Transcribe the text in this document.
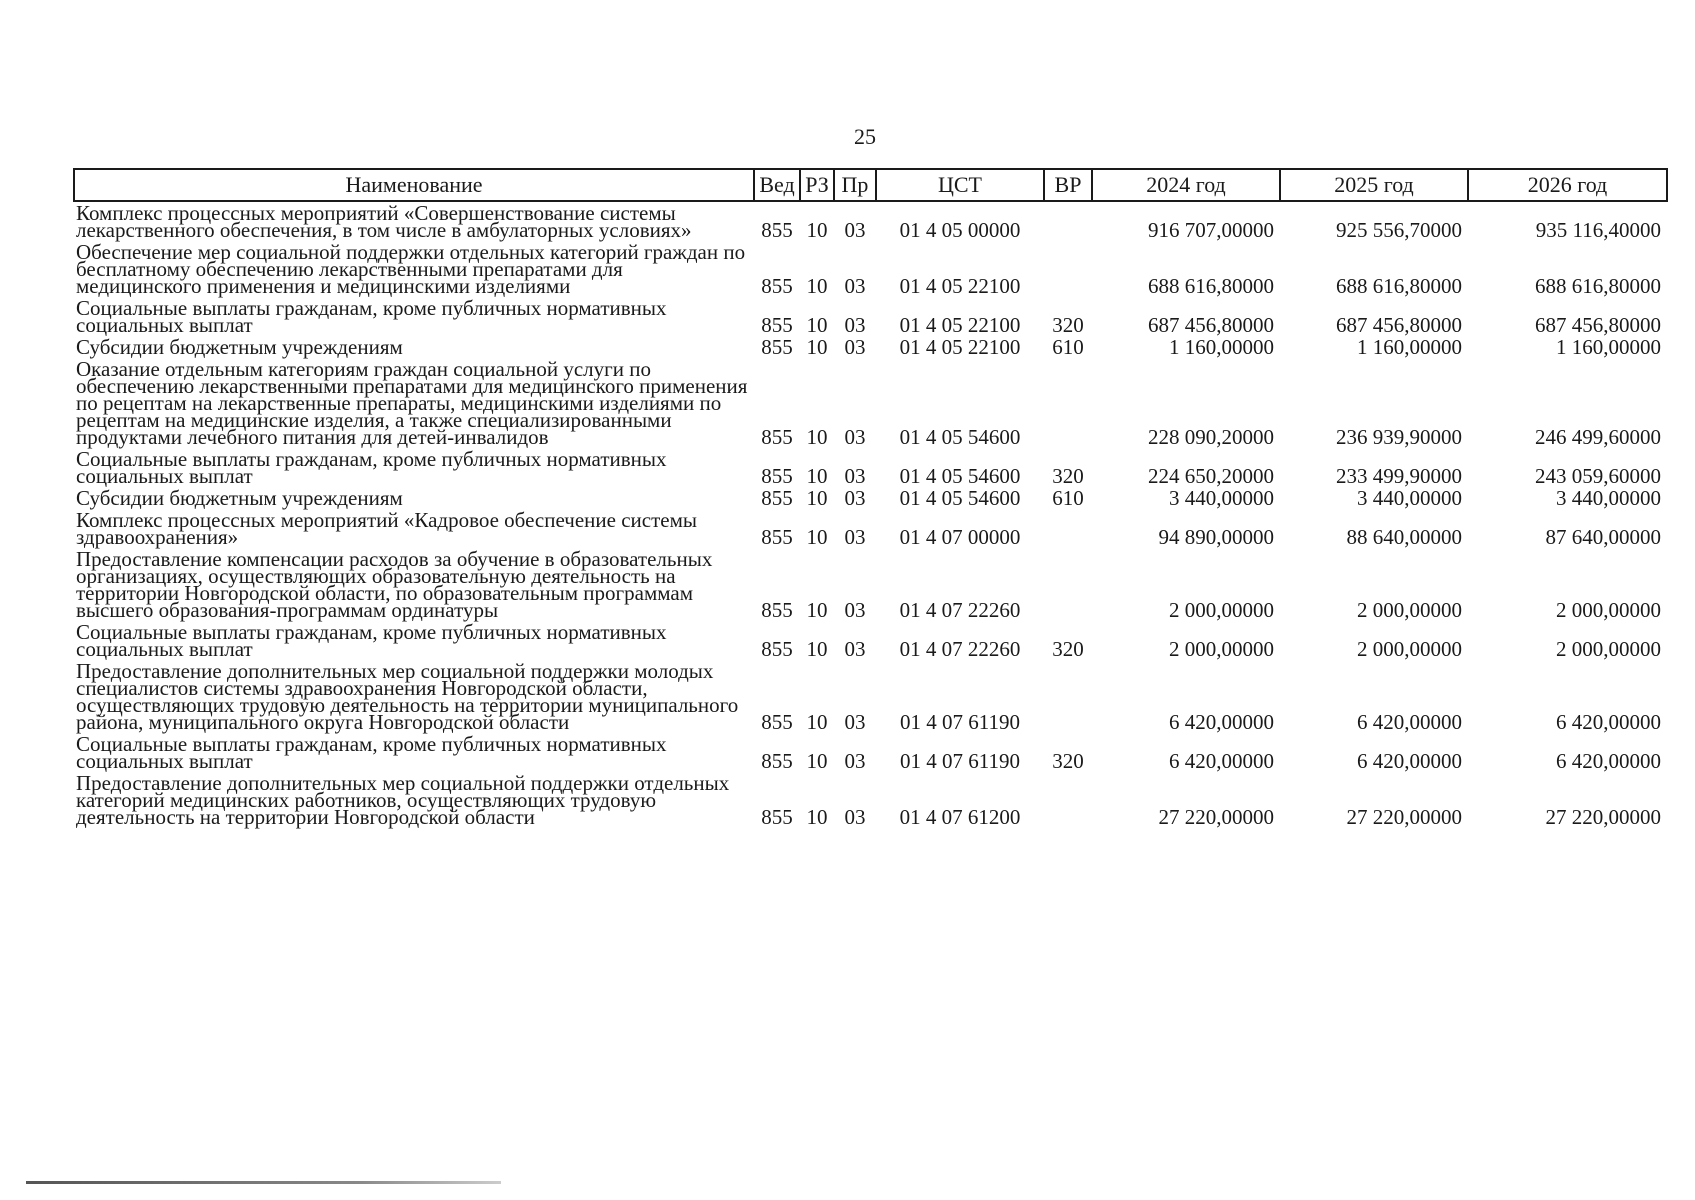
25
Наименование	Вед	РЗ	Пр	ЦСТ	ВР	2024 год	2025 год	2026 год
Комплекс процессных мероприятий «Совершенствование системы лекарственного обеспечения, в том числе в амбулаторных условиях»	855	10	03	01 4 05 00000		916 707,00000	925 556,70000	935 116,40000
Обеспечение мер социальной поддержки отдельных категорий граждан по бесплатному обеспечению лекарственными препаратами для медицинского применения и медицинскими изделиями	855	10	03	01 4 05 22100		688 616,80000	688 616,80000	688 616,80000
Социальные выплаты гражданам, кроме публичных нормативных социальных выплат	855	10	03	01 4 05 22100	320	687 456,80000	687 456,80000	687 456,80000
Субсидии бюджетным учреждениям	855	10	03	01 4 05 22100	610	1 160,00000	1 160,00000	1 160,00000
Оказание отдельным категориям граждан социальной услуги по обеспечению лекарственными препаратами для медицинского применения по рецептам на лекарственные препараты, медицинскими изделиями по рецептам на медицинские изделия, а также специализированными продуктами лечебного питания для детей-инвалидов	855	10	03	01 4 05 54600		228 090,20000	236 939,90000	246 499,60000
Социальные выплаты гражданам, кроме публичных нормативных социальных выплат	855	10	03	01 4 05 54600	320	224 650,20000	233 499,90000	243 059,60000
Субсидии бюджетным учреждениям	855	10	03	01 4 05 54600	610	3 440,00000	3 440,00000	3 440,00000
Комплекс процессных мероприятий «Кадровое обеспечение системы здравоохранения»	855	10	03	01 4 07 00000		94 890,00000	88 640,00000	87 640,00000
Предоставление компенсации расходов за обучение в образовательных организациях, осуществляющих образовательную деятельность на территории Новгородской области, по образовательным программам высшего образования-программам ординатуры	855	10	03	01 4 07 22260		2 000,00000	2 000,00000	2 000,00000
Социальные выплаты гражданам, кроме публичных нормативных социальных выплат	855	10	03	01 4 07 22260	320	2 000,00000	2 000,00000	2 000,00000
Предоставление дополнительных мер социальной поддержки молодых специалистов системы здравоохранения Новгородской области, осуществляющих трудовую деятельность на территории муниципального района, муниципального округа Новгородской области	855	10	03	01 4 07 61190		6 420,00000	6 420,00000	6 420,00000
Социальные выплаты гражданам, кроме публичных нормативных социальных выплат	855	10	03	01 4 07 61190	320	6 420,00000	6 420,00000	6 420,00000
Предоставление дополнительных мер социальной поддержки отдельных категорий медицинских работников, осуществляющих трудовую деятельность на территории Новгородской области	855	10	03	01 4 07 61200		27 220,00000	27 220,00000	27 220,00000
